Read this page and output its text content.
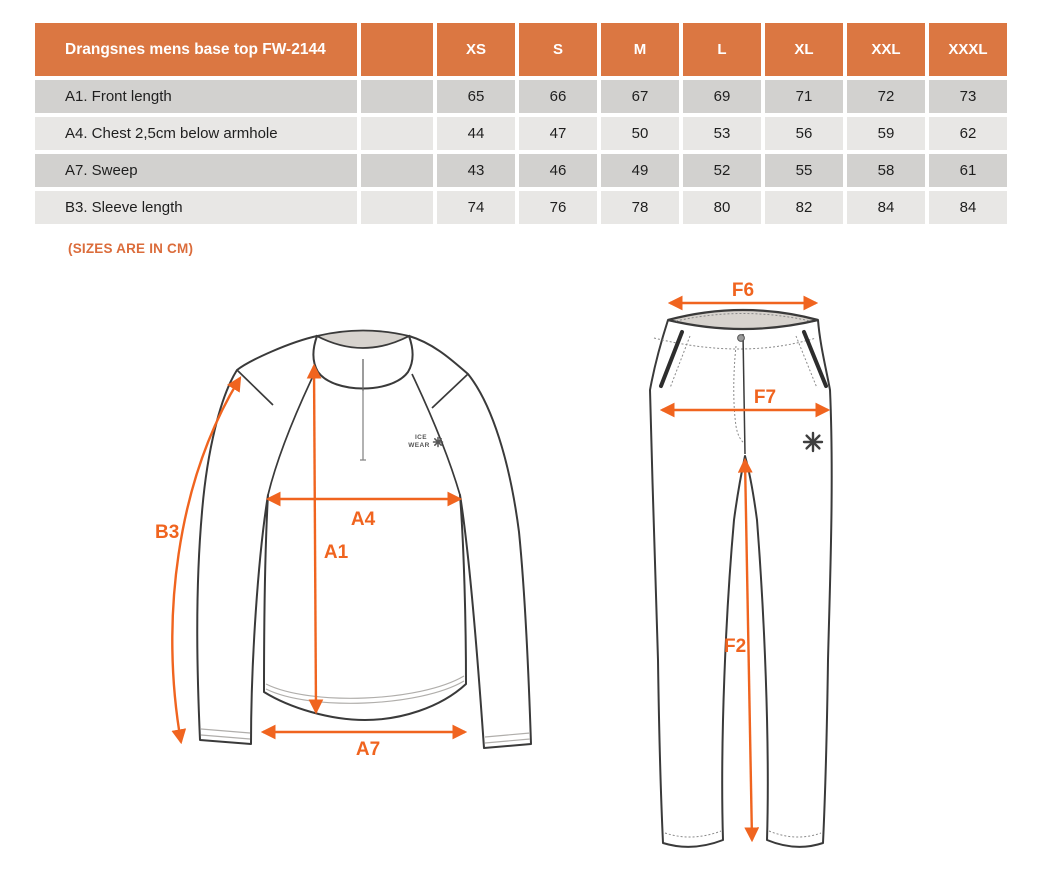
Drangsnes mens base top FW-2144		XS	S	M	L	XL	XXL	XXXL
A1. Front length		65	66	67	69	71	72	73
A4. Chest 2,5cm below armhole		44	47	50	53	56	59	62
A7. Sweep		43	46	49	52	55	58	61
B3. Sleeve length		74	76	78	80	82	84	84
(SIZES ARE IN CM)
ICE
WEAR
B3
A4
A1
A7
F6
F7
F2
